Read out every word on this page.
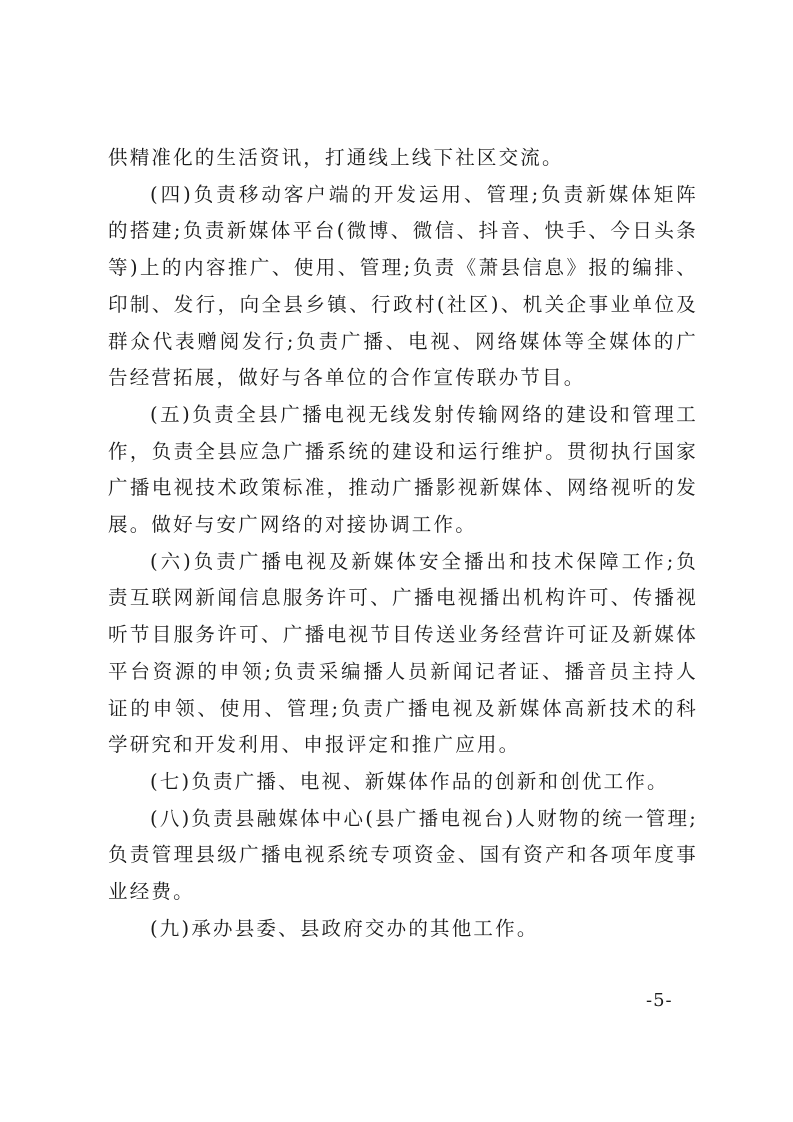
供精准化的生活资讯，打通线上线下社区交流。

(四)负责移动客户端的开发运用、管理;负责新媒体矩阵的搭建;负责新媒体平台(微博、微信、抖音、快手、今日头条等)上的内容推广、使用、管理;负责《萧县信息》报的编排、印制、发行，向全县乡镇、行政村(社区)、机关企事业单位及群众代表赠阅发行;负责广播、电视、网络媒体等全媒体的广告经营拓展，做好与各单位的合作宣传联办节目。

(五)负责全县广播电视无线发射传输网络的建设和管理工作，负责全县应急广播系统的建设和运行维护。贯彻执行国家广播电视技术政策标准，推动广播影视新媒体、网络视听的发展。做好与安广网络的对接协调工作。

(六)负责广播电视及新媒体安全播出和技术保障工作;负责互联网新闻信息服务许可、广播电视播出机构许可、传播视听节目服务许可、广播电视节目传送业务经营许可证及新媒体平台资源的申领;负责采编播人员新闻记者证、播音员主持人证的申领、使用、管理;负责广播电视及新媒体高新技术的科学研究和开发利用、申报评定和推广应用。

(七)负责广播、电视、新媒体作品的创新和创优工作。

(八)负责县融媒体中心(县广播电视台)人财物的统一管理;负责管理县级广播电视系统专项资金、国有资产和各项年度事业经费。

(九)承办县委、县政府交办的其他工作。

-5-
